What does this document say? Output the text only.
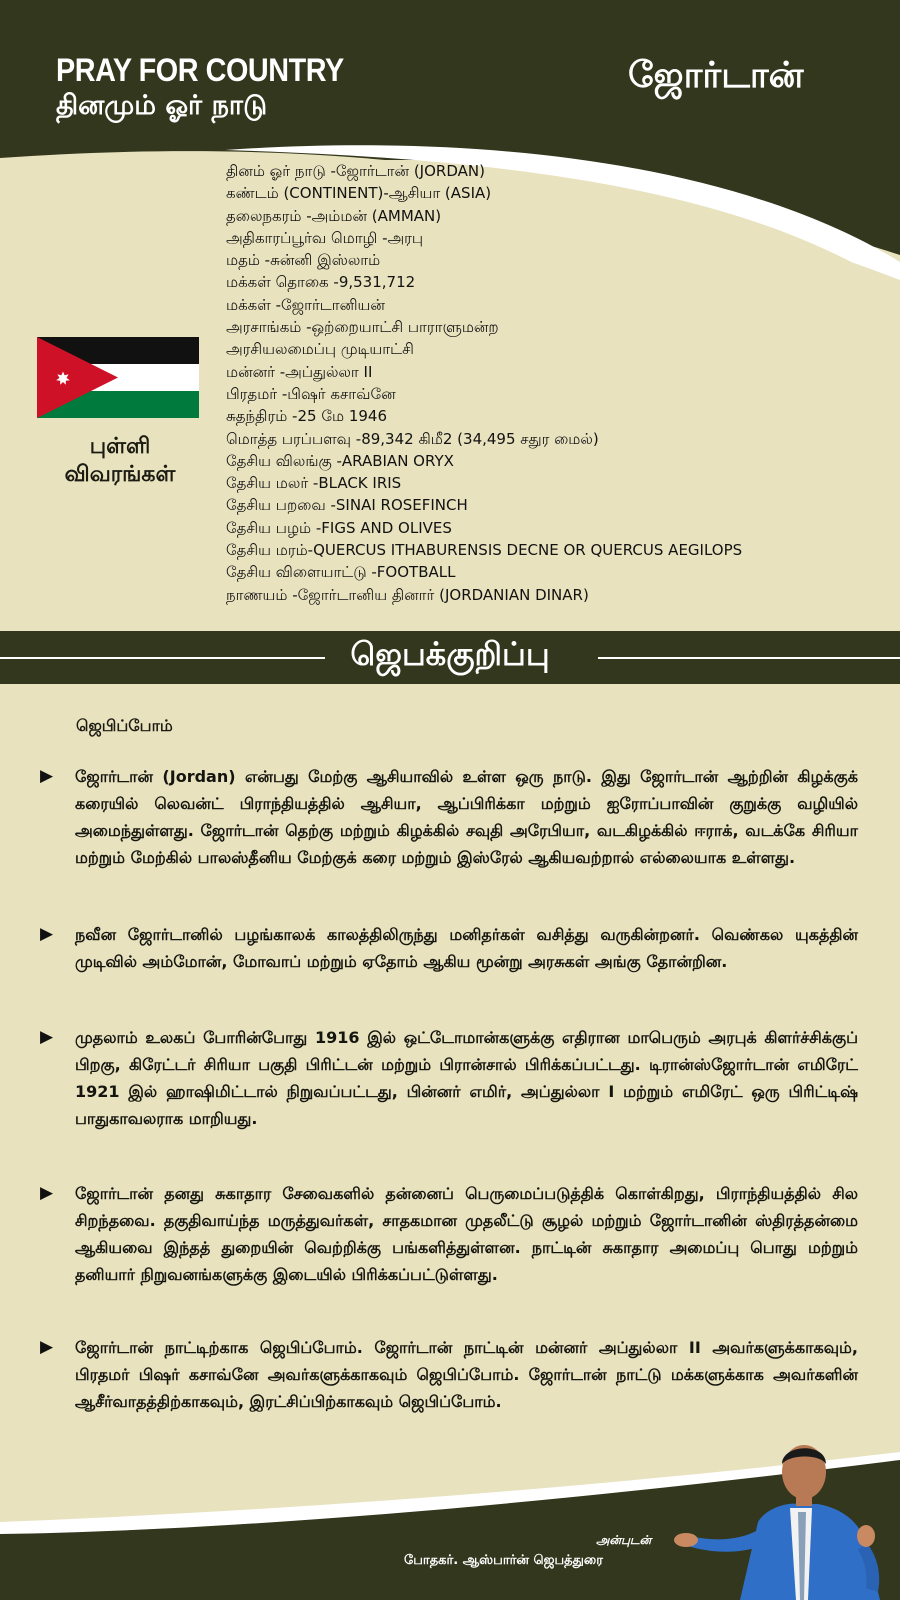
PRAY FOR COUNTRY
தினமும் ஓர் நாடு
ஜோர்டான்
புள்ளி
விவரங்கள்
தினம் ஓர் நாடு -ஜோர்டான் (JORDAN)
கண்டம் (CONTINENT)-ஆசியா (ASIA)
தலைநகரம் -அம்மன் (AMMAN)
அதிகாரப்பூர்வ மொழி -அரபு
மதம் -சுன்னி இஸ்லாம்
மக்கள் தொகை -9,531,712
மக்கள் -ஜோர்டானியன்
அரசாங்கம் -ஒற்றையாட்சி பாராளுமன்ற
அரசியலமைப்பு முடியாட்சி
மன்னர் -அப்துல்லா II
பிரதமர் -பிஷர் கசாவ்னே
சுதந்திரம் -25 மே 1946
மொத்த பரப்பளவு -89,342 கிமீ2 (34,495 சதுர மைல்)
தேசிய விலங்கு -ARABIAN ORYX
தேசிய மலர் -BLACK IRIS
தேசிய பறவை -SINAI ROSEFINCH
தேசிய பழம் -FIGS AND OLIVES
தேசிய மரம்-QUERCUS ITHABURENSIS DECNE OR QUERCUS AEGILOPS
தேசிய விளையாட்டு -FOOTBALL
நாணயம் -ஜோர்டானிய தினார் (JORDANIAN DINAR)
ஜெபக்குறிப்பு
ஜெபிப்போம்
▶ ஜோர்டான் (Jordan) என்பது மேற்கு ஆசியாவில் உள்ள ஒரு நாடு. இது ஜோர்டான் ஆற்றின் கிழக்குக் கரையில் லெவன்ட் பிராந்தியத்தில் ஆசியா, ஆப்பிரிக்கா மற்றும் ஐரோப்பாவின் குறுக்கு வழியில் அமைந்துள்ளது. ஜோர்டான் தெற்கு மற்றும் கிழக்கில் சவுதி அரேபியா, வடகிழக்கில் ஈராக், வடக்கே சிரியா மற்றும் மேற்கில் பாலஸ்தீனிய மேற்குக் கரை மற்றும் இஸ்ரேல் ஆகியவற்றால் எல்லையாக உள்ளது.
▶ நவீன ஜோர்டானில் பழங்காலக் காலத்திலிருந்து மனிதர்கள் வசித்து வருகின்றனர். வெண்கல யுகத்தின் முடிவில் அம்மோன், மோவாப் மற்றும் ஏதோம் ஆகிய மூன்று அரசுகள் அங்கு தோன்றின.
▶ முதலாம் உலகப் போரின்போது 1916 இல் ஒட்டோமான்களுக்கு எதிரான மாபெரும் அரபுக் கிளர்ச்சிக்குப் பிறகு, கிரேட்டர் சிரியா பகுதி பிரிட்டன் மற்றும் பிரான்சால் பிரிக்கப்பட்டது. டிரான்ஸ்ஜோர்டான் எமிரேட் 1921 இல் ஹாஷிமிட்டால் நிறுவப்பட்டது, பின்னர் எமிர், அப்துல்லா I மற்றும் எமிரேட் ஒரு பிரிட்டிஷ் பாதுகாவலராக மாறியது.
▶ ஜோர்டான் தனது சுகாதார சேவைகளில் தன்னைப் பெருமைப்படுத்திக் கொள்கிறது, பிராந்தியத்தில் சில சிறந்தவை. தகுதிவாய்ந்த மருத்துவர்கள், சாதகமான முதலீட்டு சூழல் மற்றும் ஜோர்டானின் ஸ்திரத்தன்மை ஆகியவை இந்தத் துறையின் வெற்றிக்கு பங்களித்துள்ளன. நாட்டின் சுகாதார அமைப்பு பொது மற்றும் தனியார் நிறுவனங்களுக்கு இடையில் பிரிக்கப்பட்டுள்ளது.
▶ ஜோர்டான் நாட்டிற்காக ஜெபிப்போம். ஜோர்டான் நாட்டின் மன்னர் அப்துல்லா II அவர்களுக்காகவும், பிரதமர் பிஷர் கசாவ்னே அவர்களுக்காகவும் ஜெபிப்போம். ஜோர்டான் நாட்டு மக்களுக்காக அவர்களின் ஆசீர்வாதத்திற்காகவும், இரட்சிப்பிற்காகவும் ஜெபிப்போம்.
அன்புடன்
போதகர். ஆஸ்பார்ன் ஜெபத்துரை
